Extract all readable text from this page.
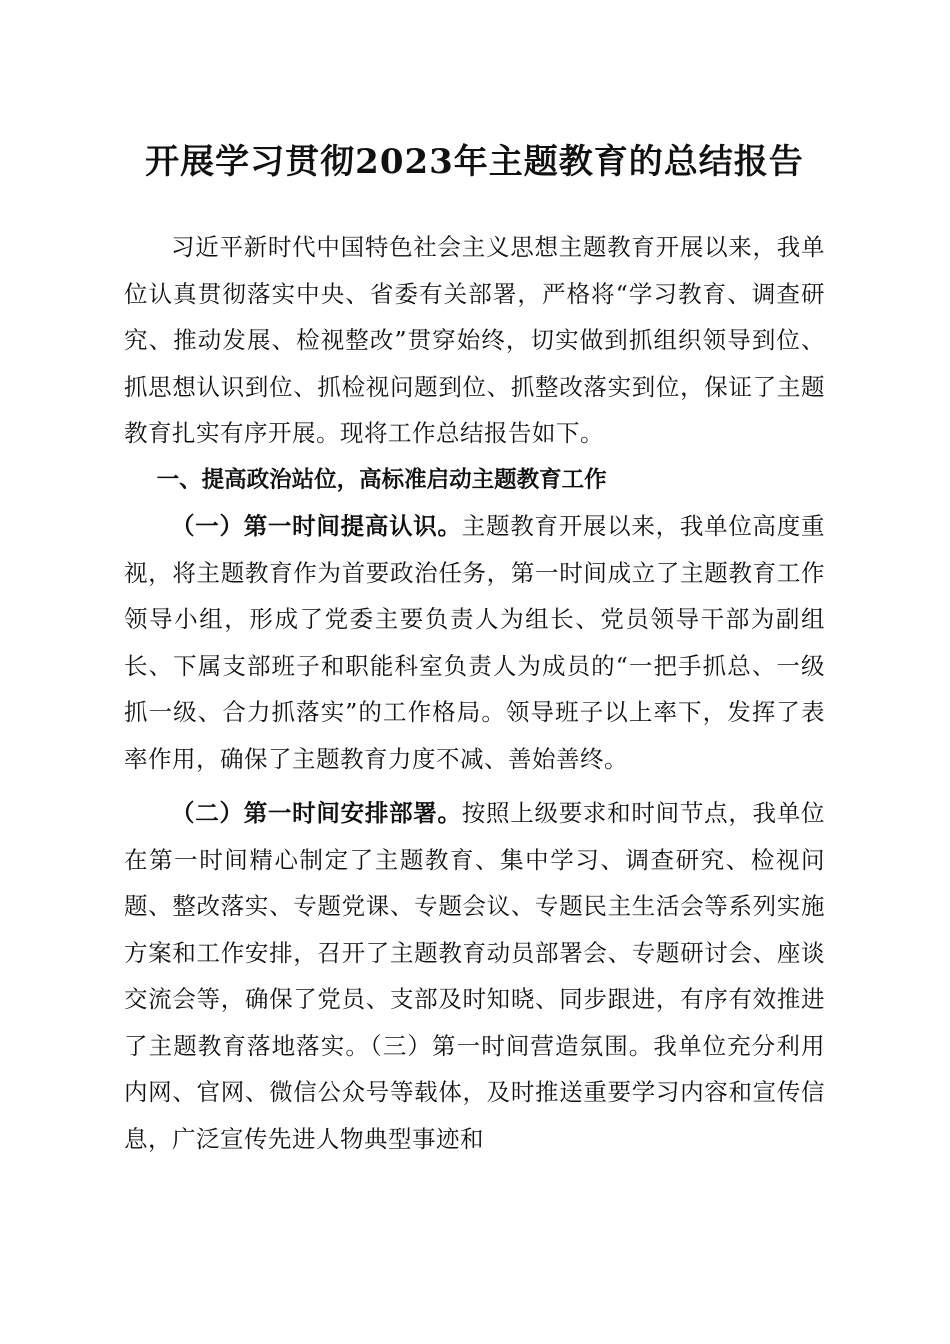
开展学习贯彻2023年主题教育的总结报告

习近平新时代中国特色社会主义思想主题教育开展以来，我单位认真贯彻落实中央、省委有关部署，严格将“学习教育、调查研究、推动发展、检视整改”贯穿始终，切实做到抓组织领导到位、抓思想认识到位、抓检视问题到位、抓整改落实到位，保证了主题教育扎实有序开展。现将工作总结报告如下。

一、提高政治站位，高标准启动主题教育工作

（一）第一时间提高认识。主题教育开展以来，我单位高度重视，将主题教育作为首要政治任务，第一时间成立了主题教育工作领导小组，形成了党委主要负责人为组长、党员领导干部为副组长、下属支部班子和职能科室负责人为成员的“一把手抓总、一级抓一级、合力抓落实”的工作格局。领导班子以上率下，发挥了表率作用，确保了主题教育力度不减、善始善终。

（二）第一时间安排部署。按照上级要求和时间节点，我单位在第一时间精心制定了主题教育、集中学习、调查研究、检视问题、整改落实、专题党课、专题会议、专题民主生活会等系列实施方案和工作安排，召开了主题教育动员部署会、专题研讨会、座谈交流会等，确保了党员、支部及时知晓、同步跟进，有序有效推进了主题教育落地落实。（三）第一时间营造氛围。我单位充分利用内网、官网、微信公众号等载体，及时推送重要学习内容和宣传信息，广泛宣传先进人物典型事迹和
